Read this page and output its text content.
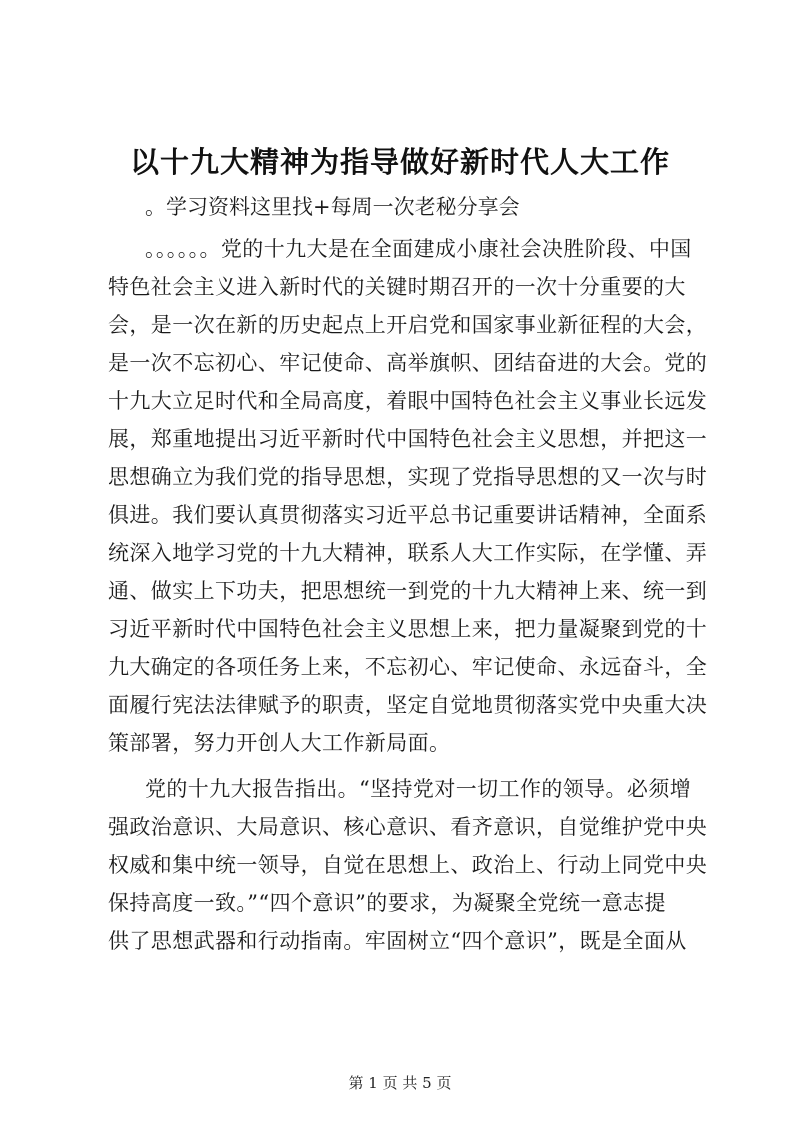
以十九大精神为指导做好新时代人大工作
。学习资料这里找+每周一次老秘分享会
。。。。。。党的十九大是在全面建成小康社会决胜阶段、中国
特色社会主义进入新时代的关键时期召开的一次十分重要的大
会，是一次在新的历史起点上开启党和国家事业新征程的大会，
是一次不忘初心、牢记使命、高举旗帜、团结奋进的大会。党的
十九大立足时代和全局高度，着眼中国特色社会主义事业长远发
展，郑重地提出习近平新时代中国特色社会主义思想，并把这一
思想确立为我们党的指导思想，实现了党指导思想的又一次与时
俱进。我们要认真贯彻落实习近平总书记重要讲话精神，全面系
统深入地学习党的十九大精神，联系人大工作实际，在学懂、弄
通、做实上下功夫，把思想统一到党的十九大精神上来、统一到
习近平新时代中国特色社会主义思想上来，把力量凝聚到党的十
九大确定的各项任务上来，不忘初心、牢记使命、永远奋斗，全
面履行宪法法律赋予的职责，坚定自觉地贯彻落实党中央重大决
策部署，努力开创人大工作新局面。
党的十九大报告指出。“坚持党对一切工作的领导。必须增
强政治意识、大局意识、核心意识、看齐意识，自觉维护党中央
权威和集中统一领导，自觉在思想上、政治上、行动上同党中央
保持高度一致。”“四个意识”的要求，为凝聚全党统一意志提
供了思想武器和行动指南。牢固树立“四个意识”，既是全面从
第 1 页 共 5 页
